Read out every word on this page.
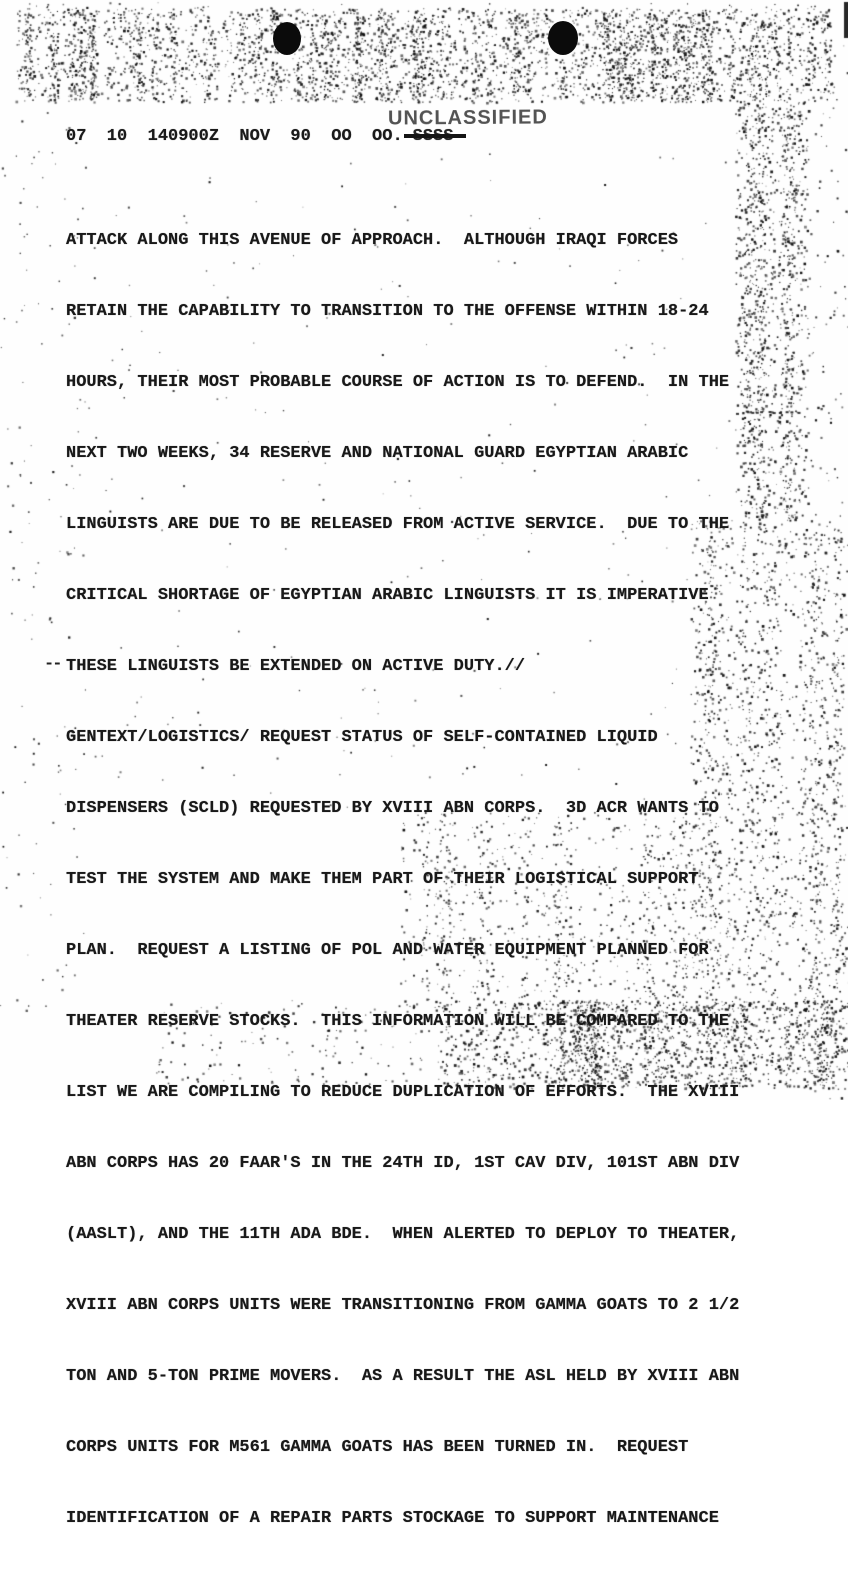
UNCLASSIFIED
07  10  140900Z  NOV  90  OO  OO.
--

ATTACK ALONG THIS AVENUE OF APPROACH.  ALTHOUGH IRAQI FORCES

RETAIN THE CAPABILITY TO TRANSITION TO THE OFFENSE WITHIN 18-24

HOURS, THEIR MOST PROBABLE COURSE OF ACTION IS TO DEFEND.  IN THE

NEXT TWO WEEKS, 34 RESERVE AND NATIONAL GUARD EGYPTIAN ARABIC

LINGUISTS ARE DUE TO BE RELEASED FROM ACTIVE SERVICE.  DUE TO THE

CRITICAL SHORTAGE OF EGYPTIAN ARABIC LINGUISTS IT IS IMPERATIVE

THESE LINGUISTS BE EXTENDED ON ACTIVE DUTY.//

GENTEXT/LOGISTICS/ REQUEST STATUS OF SELF-CONTAINED LIQUID

DISPENSERS (SCLD) REQUESTED BY XVIII ABN CORPS.  3D ACR WANTS TO

TEST THE SYSTEM AND MAKE THEM PART OF THEIR LOGISTICAL SUPPORT

PLAN.  REQUEST A LISTING OF POL AND WATER EQUIPMENT PLANNED FOR

THEATER RESERVE STOCKS.  THIS INFORMATION WILL BE COMPARED TO THE

LIST WE ARE COMPILING TO REDUCE DUPLICATION OF EFFORTS.  THE XVIII

ABN CORPS HAS 20 FAAR'S IN THE 24TH ID, 1ST CAV DIV, 101ST ABN DIV

(AASLT), AND THE 11TH ADA BDE.  WHEN ALERTED TO DEPLOY TO THEATER,

XVIII ABN CORPS UNITS WERE TRANSITIONING FROM GAMMA GOATS TO 2 1/2

TON AND 5-TON PRIME MOVERS.  AS A RESULT THE ASL HELD BY XVIII ABN

CORPS UNITS FOR M561 GAMMA GOATS HAS BEEN TURNED IN.  REQUEST

IDENTIFICATION OF A REPAIR PARTS STOCKAGE TO SUPPORT MAINTENANCE
